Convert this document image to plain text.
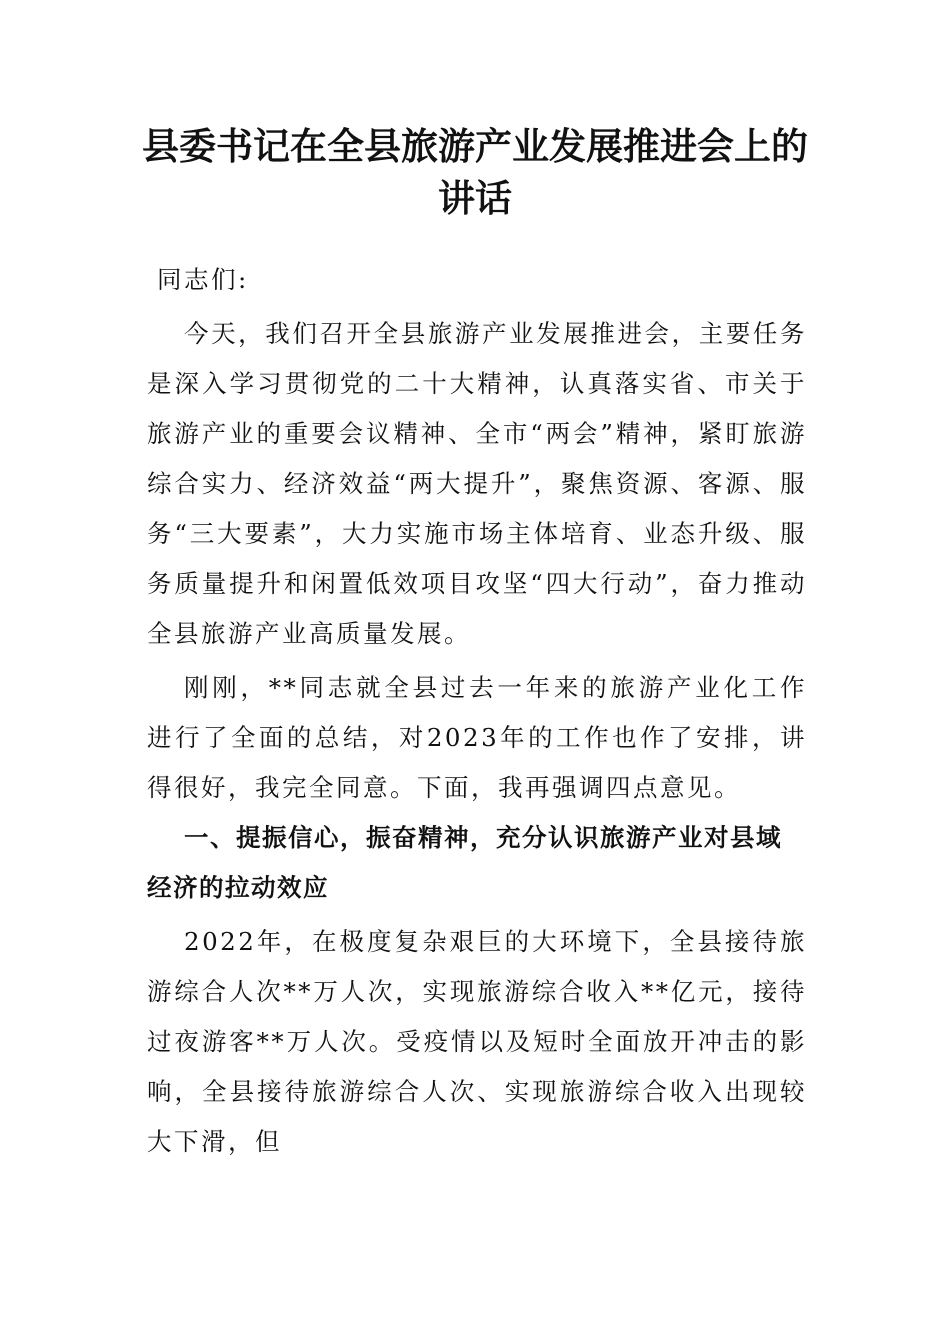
县委书记在全县旅游产业发展推进会上的讲话

同志们:

今天，我们召开全县旅游产业发展推进会，主要任务是深入学习贯彻党的二十大精神，认真落实省、市关于旅游产业的重要会议精神、全市“两会”精神，紧盯旅游综合实力、经济效益“两大提升”，聚焦资源、客源、服务“三大要素”，大力实施市场主体培育、业态升级、服务质量提升和闲置低效项目攻坚“四大行动”，奋力推动全县旅游产业高质量发展。

刚刚，**同志就全县过去一年来的旅游产业化工作进行了全面的总结，对2023年的工作也作了安排，讲得很好，我完全同意。下面，我再强调四点意见。

一、提振信心，振奋精神，充分认识旅游产业对县域经济的拉动效应

2022年，在极度复杂艰巨的大环境下，全县接待旅游综合人次**万人次，实现旅游综合收入**亿元，接待过夜游客**万人次。受疫情以及短时全面放开冲击的影响，全县接待旅游综合人次、实现旅游综合收入出现较大下滑，但
